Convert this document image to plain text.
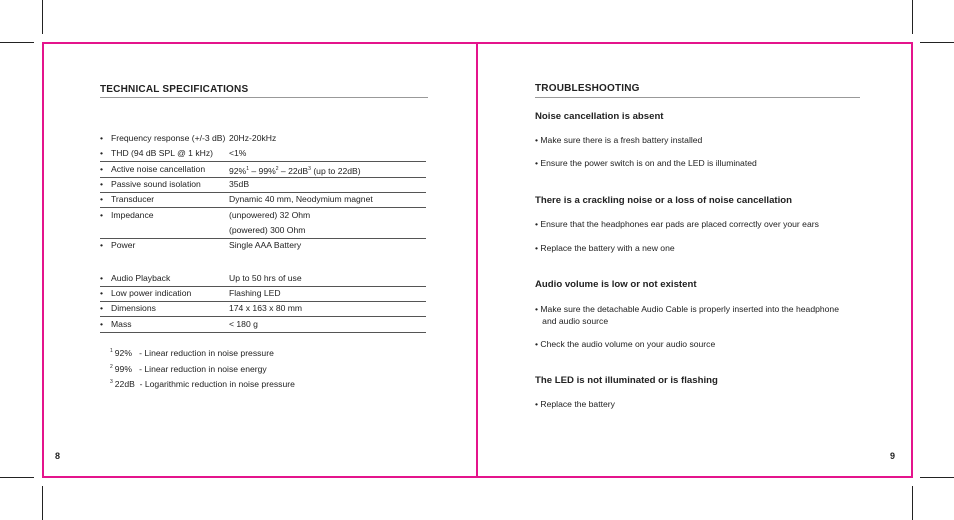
TECHNICAL SPECIFICATIONS
• Frequency response (+/-3 dB) 20Hz-20kHz
• THD (94 dB SPL @ 1 kHz) <1%
• Active noise cancellation	$92\%^1 - 99\%^2 - 22dB^3$ (up to 22dB)
• Passive sound isolation	35dB
• Transducer	Dynamic 40 mm, Neodymium magnet
• Impedance	(unpowered) 32 Ohm
(powered) 300 Ohm
• Power	Single AAA Battery
• Audio Playback	Up to 50 hrs of use
• Low power indication	Flashing LED
• Dimensions	174 x 163 x 80 mm
• Mass	< 180 g
$^1$ 92%   - Linear reduction in noise pressure
$^2$ 99%   - Linear reduction in noise energy
$^3$ 22dB  - Logarithmic reduction in noise pressure
8
TROUBLESHOOTING
Noise cancellation is absent
• Make sure there is a fresh battery installed
• Ensure the power switch is on and the LED is illuminated
There is a crackling noise or a loss of noise cancellation
• Ensure that the headphones ear pads are placed correctly over your ears
• Replace the battery with a new one
Audio volume is low or not existent
• Make sure the detachable Audio Cable is properly inserted into the headphone
and audio source
• Check the audio volume on your audio source
The LED is not illuminated or is flashing
• Replace the battery
9
